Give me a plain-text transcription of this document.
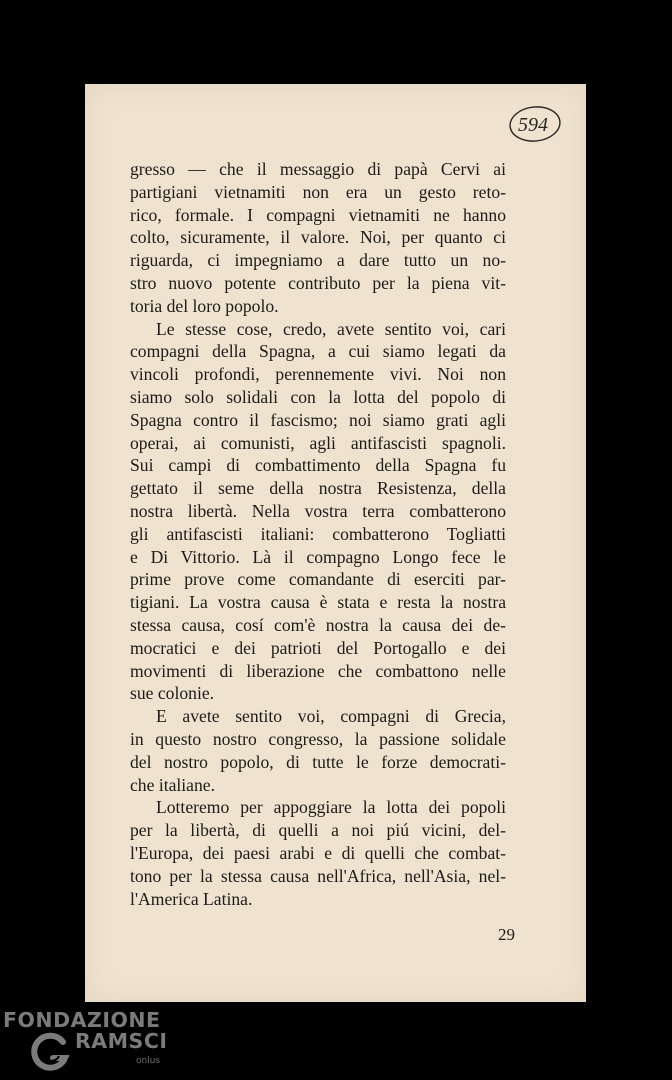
594
gresso — che il messaggio di papà Cervi ai
partigiani vietnamiti non era un gesto reto-
rico, formale. I compagni vietnamiti ne hanno
colto, sicuramente, il valore. Noi, per quanto ci
riguarda, ci impegniamo a dare tutto un no-
stro nuovo potente contributo per la piena vit-
toria del loro popolo.
Le stesse cose, credo, avete sentito voi, cari
compagni della Spagna, a cui siamo legati da
vincoli profondi, perennemente vivi. Noi non
siamo solo solidali con la lotta del popolo di
Spagna contro il fascismo; noi siamo grati agli
operai, ai comunisti, agli antifascisti spagnoli.
Sui campi di combattimento della Spagna fu
gettato il seme della nostra Resistenza, della
nostra libertà. Nella vostra terra combatterono
gli antifascisti italiani: combatterono Togliatti
e Di Vittorio. Là il compagno Longo fece le
prime prove come comandante di eserciti par-
tigiani. La vostra causa è stata e resta la nostra
stessa causa, cosí com'è nostra la causa dei de-
mocratici e dei patrioti del Portogallo e dei
movimenti di liberazione che combattono nelle
sue colonie.
E avete sentito voi, compagni di Grecia,
in questo nostro congresso, la passione solidale
del nostro popolo, di tutte le forze democrati-
che italiane.
Lotteremo per appoggiare la lotta dei popoli
per la libertà, di quelli a noi piú vicini, del-
l'Europa, dei paesi arabi e di quelli che combat-
tono per la stessa causa nell'Africa, nell'Asia, nel-
l'America Latina.
29
FONDAZIONE
RAMSCI
onlus
